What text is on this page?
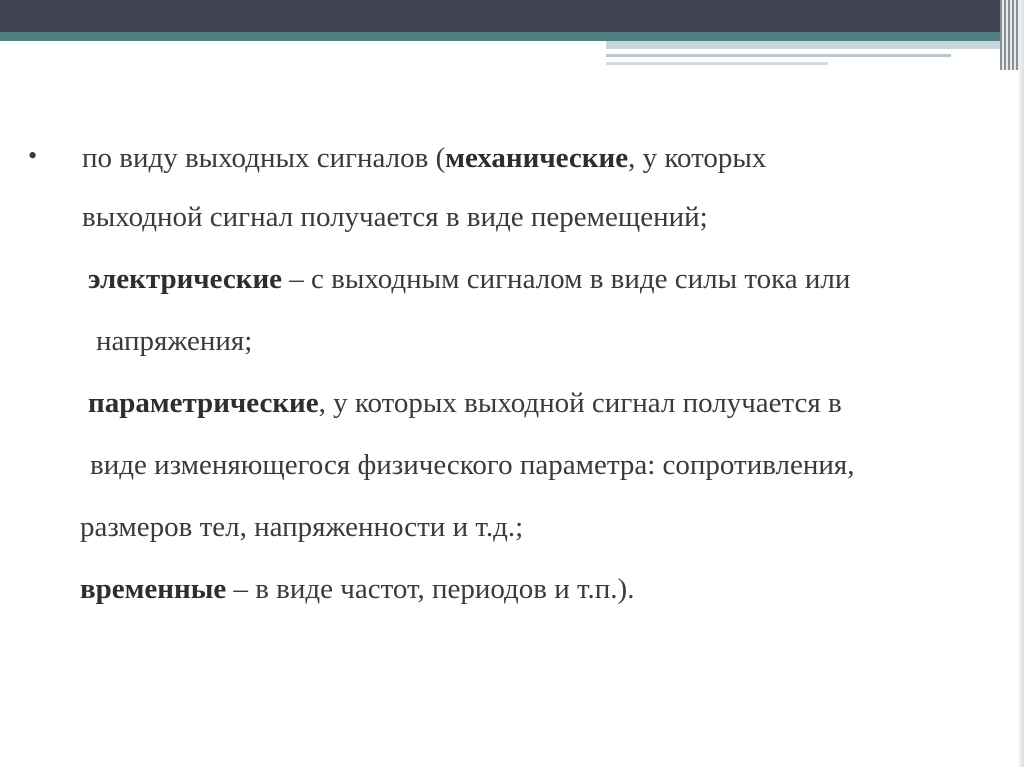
• по виду выходных сигналов (механические, у которых
выходной сигнал получается в виде перемещений;
электрические – с выходным сигналом в виде силы тока или
напряжения;
параметрические, у которых выходной сигнал получается в
виде изменяющегося физического параметра: сопротивления,
размеров тел, напряженности и т.д.;
временные – в виде частот, периодов и т.п.).
